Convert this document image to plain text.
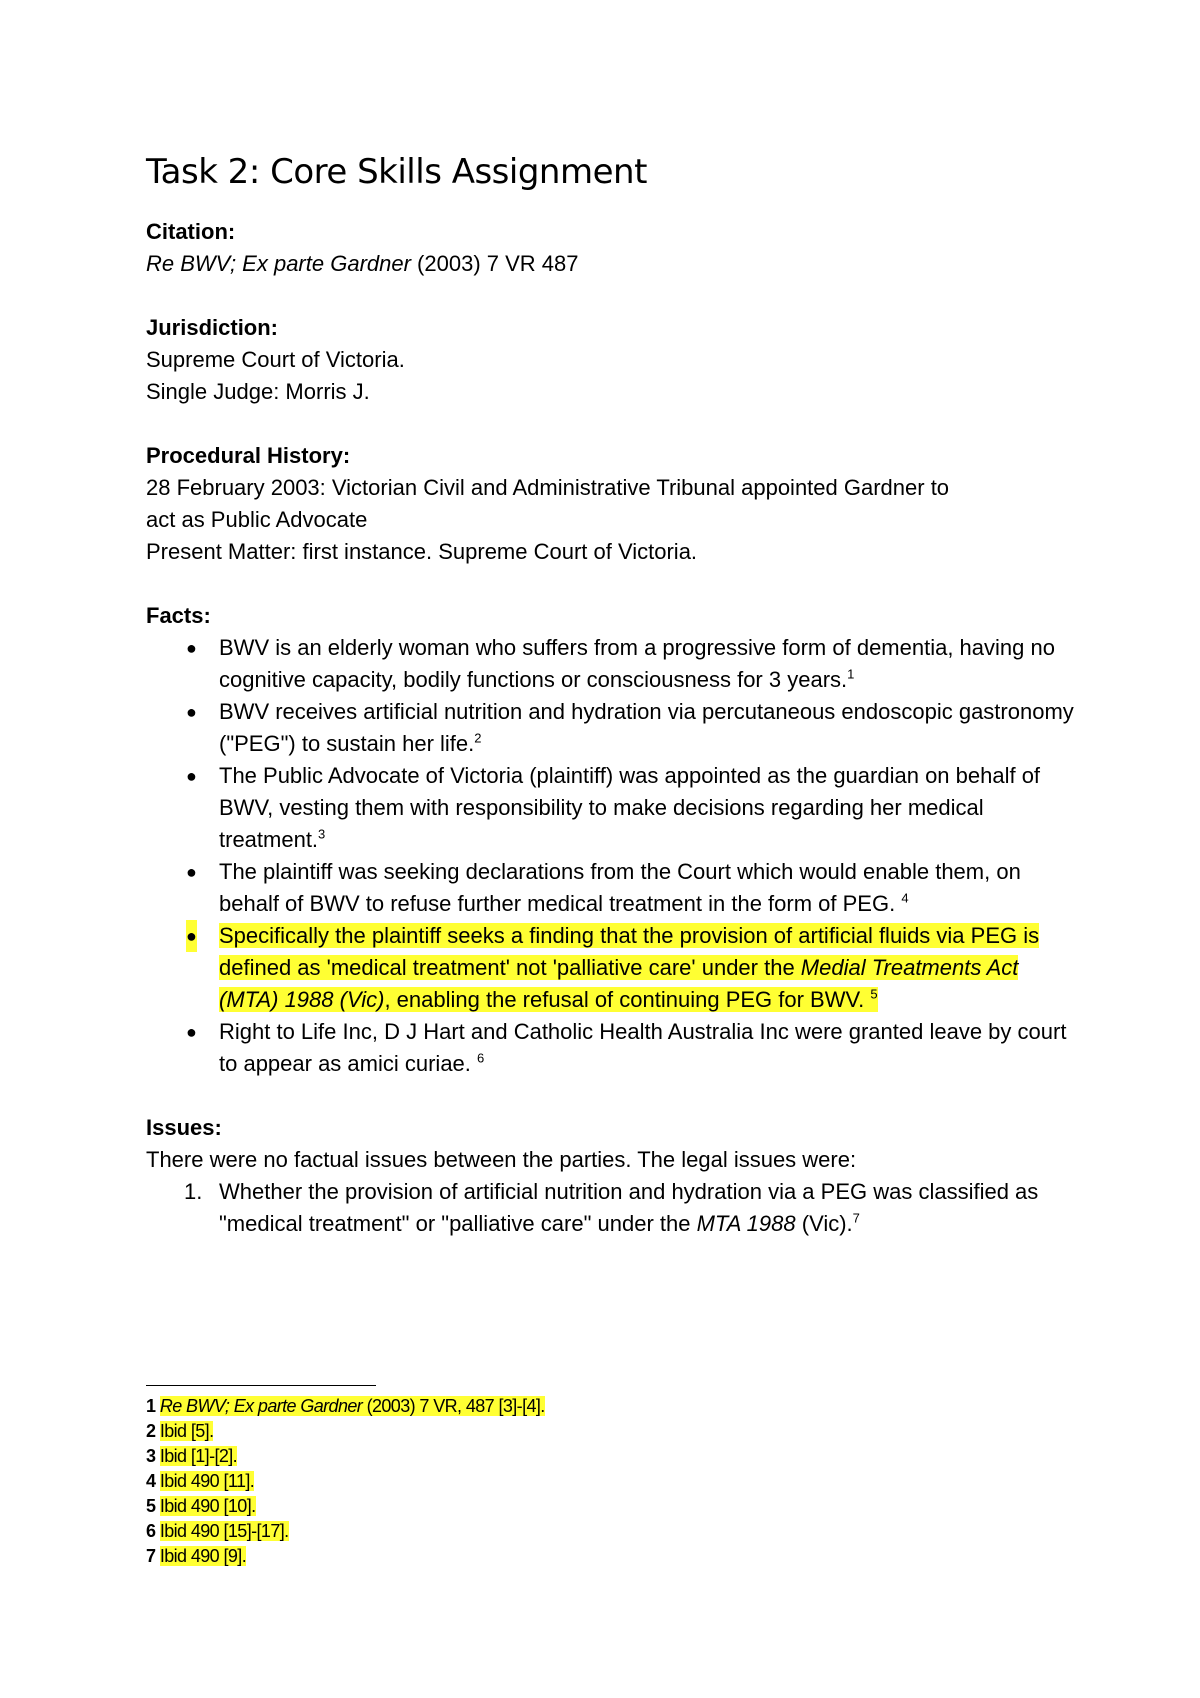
Task 2: Core Skills Assignment
Citation:
Re BWV; Ex parte Gardner (2003) 7 VR 487
Jurisdiction:
Supreme Court of Victoria.
Single Judge: Morris J.
Procedural History:
28 February 2003: Victorian Civil and Administrative Tribunal appointed Gardner to
act as Public Advocate
Present Matter: first instance. Supreme Court of Victoria.
Facts:
● BWV is an elderly woman who suffers from a progressive form of dementia, having no cognitive capacity, bodily functions or consciousness for 3 years.$^1$
● BWV receives artificial nutrition and hydration via percutaneous endoscopic gastronomy ("PEG") to sustain her life.$^2$
● The Public Advocate of Victoria (plaintiff) was appointed as the guardian on behalf of BWV, vesting them with responsibility to make decisions regarding her medical treatment.$^3$
● The plaintiff was seeking declarations from the Court which would enable them, on behalf of BWV to refuse further medical treatment in the form of PEG. $^4$
● Specifically the plaintiff seeks a finding that the provision of artificial fluids via PEG is defined as 'medical treatment' not 'palliative care' under the Medial Treatments Act (MTA) 1988 (Vic), enabling the refusal of continuing PEG for BWV. $^5$
● Right to Life Inc, D J Hart and Catholic Health Australia Inc were granted leave by court to appear as amici curiae. $^6$
Issues:
There were no factual issues between the parties. The legal issues were:
1. Whether the provision of artificial nutrition and hydration via a PEG was classified as "medical treatment" or "palliative care" under the MTA 1988 (Vic).$^7$
1 Re BWV; Ex parte Gardner (2003) 7 VR, 487 [3]-[4].
2 Ibid [5].
3 Ibid [1]-[2].
4 Ibid 490 [11].
5 Ibid 490 [10].
6 Ibid 490 [15]-[17].
7 Ibid 490 [9].
